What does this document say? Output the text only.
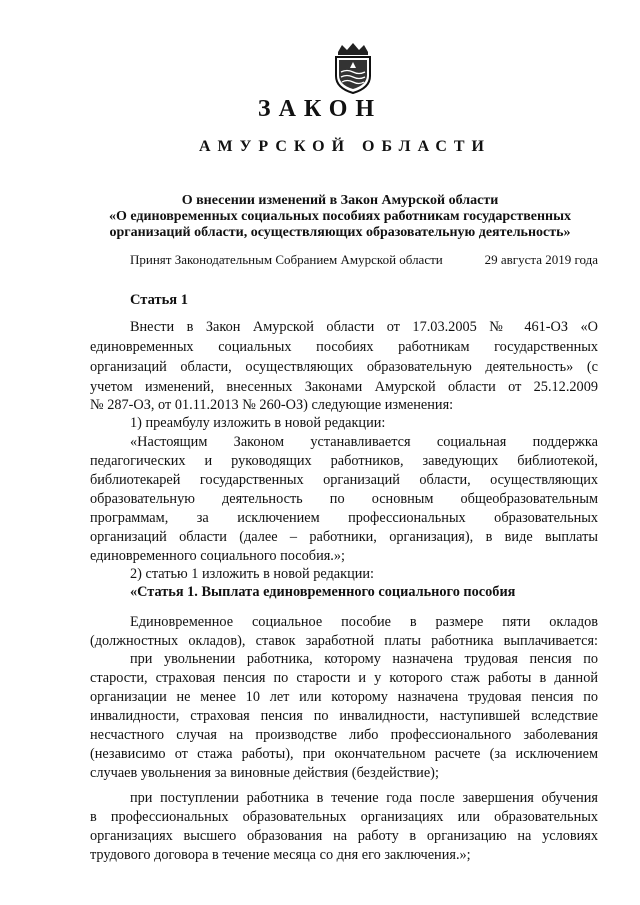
ЗАКОН
АМУРСКОЙ ОБЛАСТИ
О внесении изменений в Закон Амурской области
«О единовременных социальных пособиях работникам государственных
организаций области, осуществляющих образовательную деятельность»
Принят Законодательным Собранием Амурской области	29 августа 2019 года
Статья 1
Внести в Закон Амурской области от 17.03.2005 № 461-ОЗ «О
единовременных социальных пособиях работникам государственных
организаций области, осуществляющих образовательную деятельность» (с
учетом изменений, внесенных Законами Амурской области от 25.12.2009
№ 287-ОЗ, от 01.11.2013 № 260-ОЗ) следующие изменения:
1) преамбулу изложить в новой редакции:
«Настоящим Законом устанавливается социальная поддержка
педагогических и руководящих работников, заведующих библиотекой,
библиотекарей государственных организаций области, осуществляющих
образовательную деятельность по основным общеобразовательным
программам, за исключением профессиональных образовательных
организаций области (далее – работники, организация), в виде выплаты
единовременного социального пособия.»;
2) статью 1 изложить в новой редакции:
«Статья 1. Выплата единовременного социального пособия
Единовременное социальное пособие в размере пяти окладов
(должностных окладов), ставок заработной платы работника выплачивается:
при увольнении работника, которому назначена трудовая пенсия по
старости, страховая пенсия по старости и у которого стаж работы в данной
организации не менее 10 лет или которому назначена трудовая пенсия по
инвалидности, страховая пенсия по инвалидности, наступившей вследствие
несчастного случая на производстве либо профессионального заболевания
(независимо от стажа работы), при окончательном расчете (за исключением
случаев увольнения за виновные действия (бездействие);
при поступлении работника в течение года после завершения обучения
в профессиональных образовательных организациях или образовательных
организациях высшего образования на работу в организацию на условиях
трудового договора в течение месяца со дня его заключения.»;
